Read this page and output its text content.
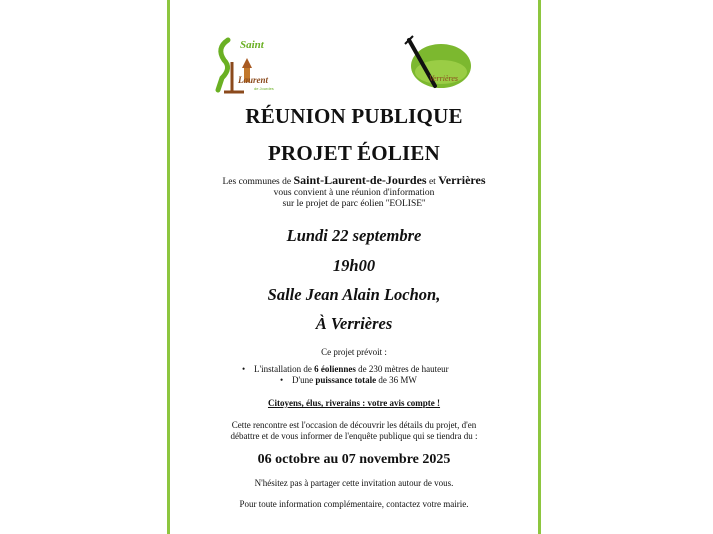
Saint
Laurent
de Jourdes
Verrières
RÉUNION PUBLIQUE
PROJET ÉOLIEN
Les communes de Saint-Laurent-de-Jourdes et Verrières
vous convient à une réunion d'information
sur le projet de parc éolien ''EOLISE''
Lundi 22 septembre
19h00
Salle Jean Alain Lochon,
À Verrières
Ce projet prévoit :
• L'installation de 6 éoliennes de 230 mètres de hauteur
• D'une puissance totale de 36 MW
Citoyens, élus, riverains : votre avis compte !
Cette rencontre est l'occasion de découvrir les détails du projet, d'en
débattre et de vous informer de l'enquête publique qui se tiendra du :
06 octobre au 07 novembre 2025
N'hésitez pas à partager cette invitation autour de vous.
Pour toute information complémentaire, contactez votre mairie.
